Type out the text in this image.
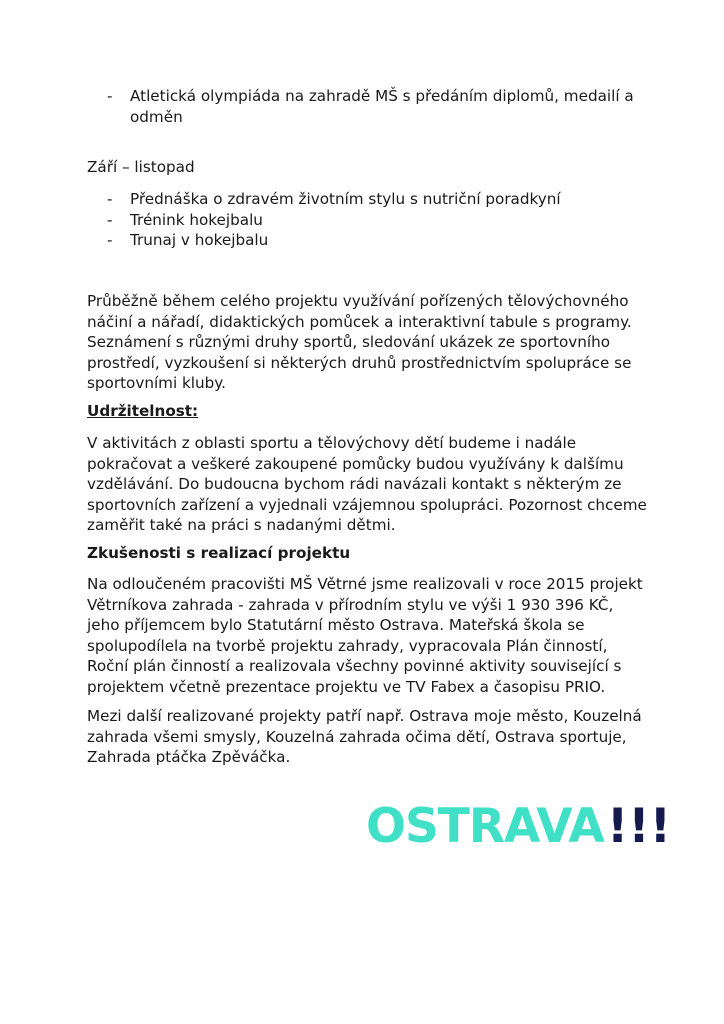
- Atletická olympiáda na zahradě MŠ s předáním diplomů, medailí a odměn

Září – listopad

- Přednáška o zdravém životním stylu s nutriční poradkyní
- Trénink hokejbalu
- Trunaj v hokejbalu

Průběžně během celého projektu využívání pořízených tělovýchovného náčiní a nářadí, didaktických pomůcek a interaktivní tabule s programy. Seznámení s různými druhy sportů, sledování ukázek ze sportovního prostředí, vyzkoušení si některých druhů prostřednictvím spolupráce se sportovními kluby.

Udržitelnost:

V aktivitách z oblasti sportu a tělovýchovy dětí budeme i nadále pokračovat a veškeré zakoupené pomůcky budou využívány k dalšímu vzdělávání. Do budoucna bychom rádi navázali kontakt s některým ze sportovních zařízení a vyjednali vzájemnou spolupráci. Pozornost chceme zaměřit také na práci s nadanými dětmi.

Zkušenosti s realizací projektu

Na odloučeném pracovišti MŠ Větrné jsme realizovali v roce 2015 projekt Větrníkova zahrada - zahrada v přírodním stylu ve výši 1 930 396 KČ, jeho příjemcem bylo Statutární město Ostrava. Mateřská škola se spolupodílela na tvorbě projektu zahrady, vypracovala Plán činností, Roční plán činností a realizovala všechny povinné aktivity související s projektem včetně prezentace projektu ve TV Fabex a časopisu PRIO.

Mezi další realizované projekty patří např. Ostrava moje město, Kouzelná zahrada všemi smysly, Kouzelná zahrada očima dětí, Ostrava sportuje, Zahrada ptáčka Zpěváčka.

OSTRAVA !!!
